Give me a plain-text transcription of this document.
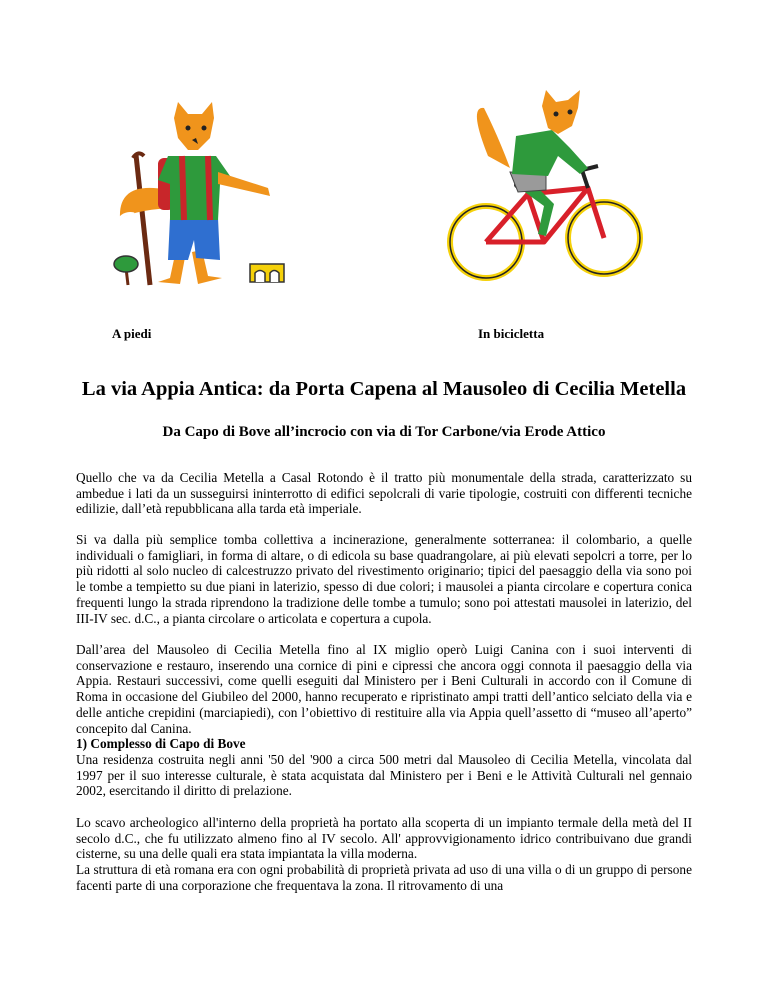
A piedi	In bicicletta
La via Appia Antica: da Porta Capena al Mausoleo di Cecilia Metella
Da Capo di Bove all’incrocio con via di Tor Carbone/via Erode Attico

Quello che va da Cecilia Metella a Casal Rotondo è il tratto più monumentale della strada, caratterizzato su ambedue i lati da un susseguirsi ininterrotto di edifici sepolcrali di varie tipologie, costruiti con differenti tecniche edilizie, dall’età repubblicana alla tarda età imperiale.

Si va dalla più semplice tomba collettiva a incinerazione, generalmente sotterranea: il colombario, a quelle individuali o famigliari, in forma di altare, o di edicola su base quadrangolare, ai più elevati sepolcri a torre, per lo più ridotti al solo nucleo di calcestruzzo privato del rivestimento originario; tipici del paesaggio della via sono poi le tombe a tempietto su due piani in laterizio, spesso di due colori; i mausolei a pianta circolare e copertura conica frequenti lungo la strada riprendono la tradizione delle tombe a tumulo; sono poi attestati mausolei in laterizio, del III-IV sec. d.C., a pianta circolare o articolata e copertura a cupola.

Dall’area del Mausoleo di Cecilia Metella fino al IX miglio operò Luigi Canina con i suoi interventi di conservazione e restauro, inserendo una cornice di pini e cipressi che ancora oggi connota il paesaggio della via Appia. Restauri successivi, come quelli eseguiti dal Ministero per i Beni Culturali in accordo con il Comune di Roma in occasione del Giubileo del 2000, hanno recuperato e ripristinato ampi tratti dell’antico selciato della via e delle antiche crepidini (marciapiedi), con l’obiettivo di restituire alla via Appia quell’assetto di “museo all’aperto” concepito dal Canina.

1) Complesso di Capo di Bove

Una residenza costruita negli anni '50 del '900 a circa 500 metri dal Mausoleo di Cecilia Metella, vincolata dal 1997 per il suo interesse culturale, è stata acquistata dal Ministero per i Beni e le Attività Culturali nel gennaio 2002, esercitando il diritto di prelazione.

Lo scavo archeologico all'interno della proprietà ha portato alla scoperta di un impianto termale della metà del II secolo d.C., che fu utilizzato almeno fino al IV secolo. All' approvvigionamento idrico contribuivano due grandi cisterne, su una delle quali era stata impiantata la villa moderna.

La struttura di età romana era con ogni probabilità di proprietà privata ad uso di una villa o di un gruppo di persone facenti parte di una corporazione che frequentava la zona. Il ritrovamento di una
